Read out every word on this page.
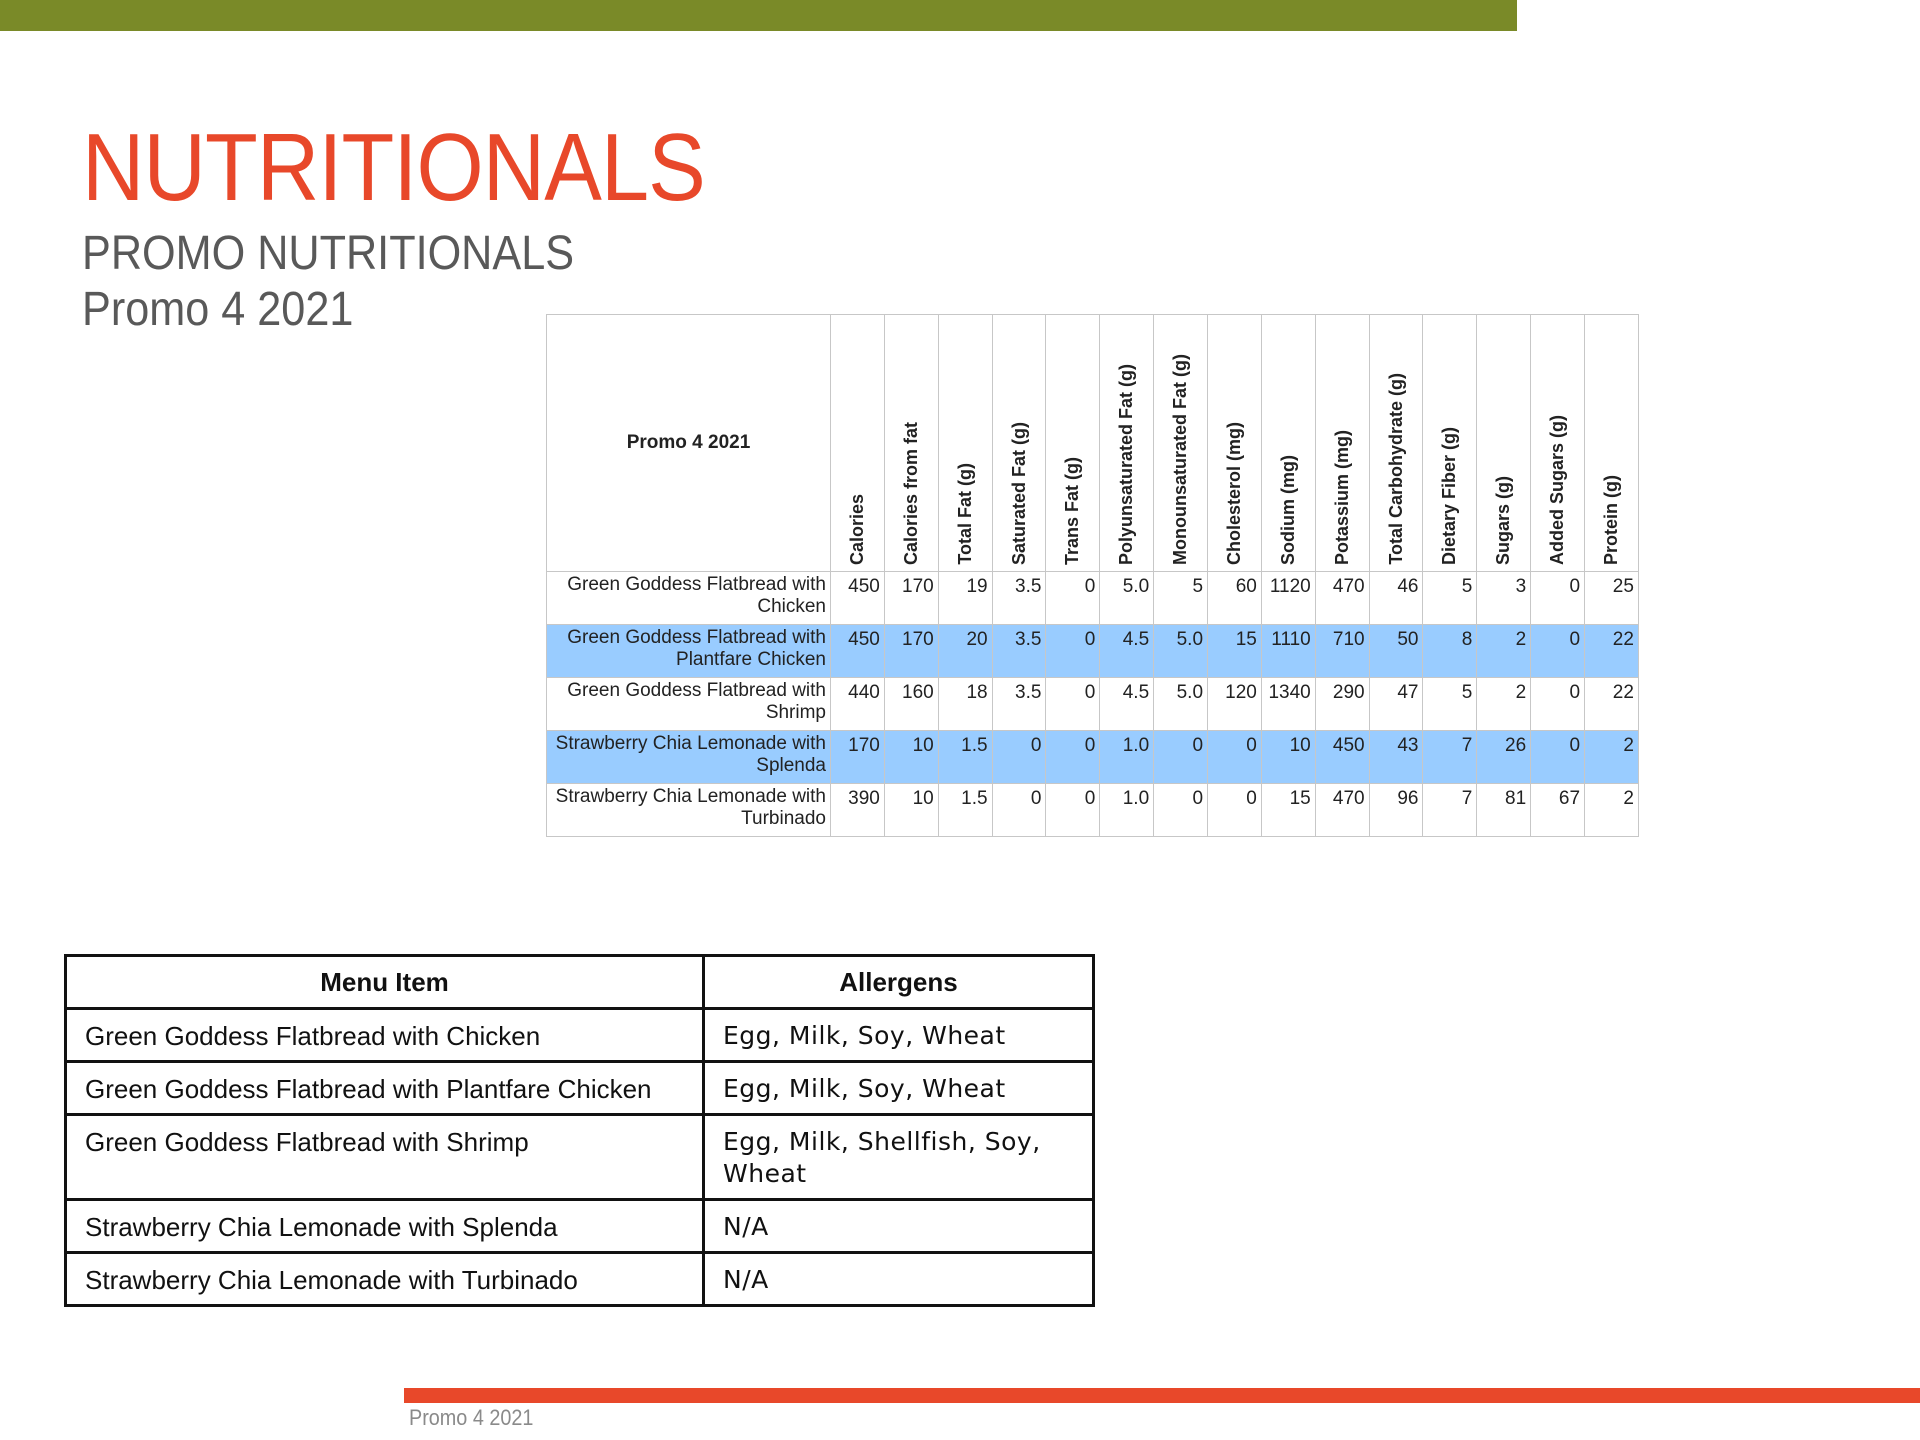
NUTRITIONALS
PROMO NUTRITIONALS
Promo 4 2021
Promo 4 2021	Calories	Calories from fat	Total Fat (g)	Saturated Fat (g)	Trans Fat (g)	Polyunsaturated Fat (g)	Monounsaturated Fat (g)	Cholesterol (mg)	Sodium (mg)	Potassium (mg)	Total Carbohydrate (g)	Dietary Fiber (g)	Sugars (g)	Added Sugars (g)	Protein (g)

Green Goddess Flatbread with Chicken	450	170	19	3.5	0	5.0	5	60	1120	470	46	5	3	0	25
Green Goddess Flatbread with Plantfare Chicken	450	170	20	3.5	0	4.5	5.0	15	1110	710	50	8	2	0	22
Green Goddess Flatbread with Shrimp	440	160	18	3.5	0	4.5	5.0	120	1340	290	47	5	2	0	22
Strawberry Chia Lemonade with Splenda	170	10	1.5	0	0	1.0	0	0	10	450	43	7	26	0	2
Strawberry Chia Lemonade with Turbinado	390	10	1.5	0	0	1.0	0	0	15	470	96	7	81	67	2
Menu Item	Allergens
Green Goddess Flatbread with Chicken	Egg, Milk, Soy, Wheat
Green Goddess Flatbread with Plantfare Chicken	Egg, Milk, Soy, Wheat
Green Goddess Flatbread with Shrimp	Egg, Milk, Shellfish, Soy, Wheat
Strawberry Chia Lemonade with Splenda	N/A
Strawberry Chia Lemonade with Turbinado	N/A
Promo 4 2021
